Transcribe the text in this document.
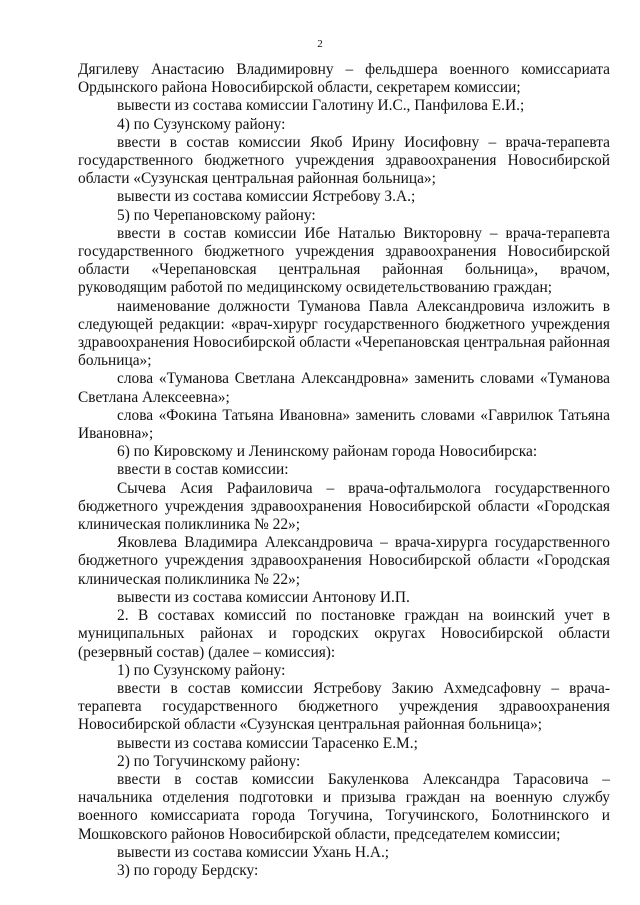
2

Дягилеву Анастасию Владимировну – фельдшера военного комиссариата Ордынского района Новосибирской области, секретарем комиссии;

вывести из состава комиссии Галотину И.С., Панфилова Е.И.;

4) по Сузунскому району:

ввести в состав комиссии Якоб Ирину Иосифовну – врача-терапевта государственного бюджетного учреждения здравоохранения Новосибирской области «Сузунская центральная районная больница»;

вывести из состава комиссии Ястребову З.А.;

5) по Черепановскому району:

ввести в состав комиссии Ибе Наталью Викторовну – врача-терапевта государственного бюджетного учреждения здравоохранения Новосибирской области «Черепановская центральная районная больница», врачом, руководящим работой по медицинскому освидетельствованию граждан;

наименование должности Туманова Павла Александровича изложить в следующей редакции: «врач-хирург государственного бюджетного учреждения здравоохранения Новосибирской области «Черепановская центральная районная больница»;

слова «Туманова Светлана Александровна» заменить словами «Туманова Светлана Алексеевна»;

слова «Фокина Татьяна Ивановна» заменить словами «Гаврилюк Татьяна Ивановна»;

6) по Кировскому и Ленинскому районам города Новосибирска:

ввести в состав комиссии:

Сычева Асия Рафаиловича – врача-офтальмолога государственного бюджетного учреждения здравоохранения Новосибирской области «Городская клиническая поликлиника № 22»;

Яковлева Владимира Александровича – врача-хирурга государственного бюджетного учреждения здравоохранения Новосибирской области «Городская клиническая поликлиника № 22»;

вывести из состава комиссии Антонову И.П.

2. В составах комиссий по постановке граждан на воинский учет в муниципальных районах и городских округах Новосибирской области (резервный состав) (далее – комиссия):

1) по Сузунскому району:

ввести в состав комиссии Ястребову Закию Ахмедсафовну – врача-терапевта государственного бюджетного учреждения здравоохранения Новосибирской области «Сузунская центральная районная больница»;

вывести из состава комиссии Тарасенко Е.М.;

2) по Тогучинскому району:

ввести в состав комиссии Бакуленкова Александра Тарасовича – начальника отделения подготовки и призыва граждан на военную службу военного комиссариата города Тогучина, Тогучинского, Болотнинского и Мошковского районов Новосибирской области, председателем комиссии;

вывести из состава комиссии Ухань Н.А.;

3) по городу Бердску:
